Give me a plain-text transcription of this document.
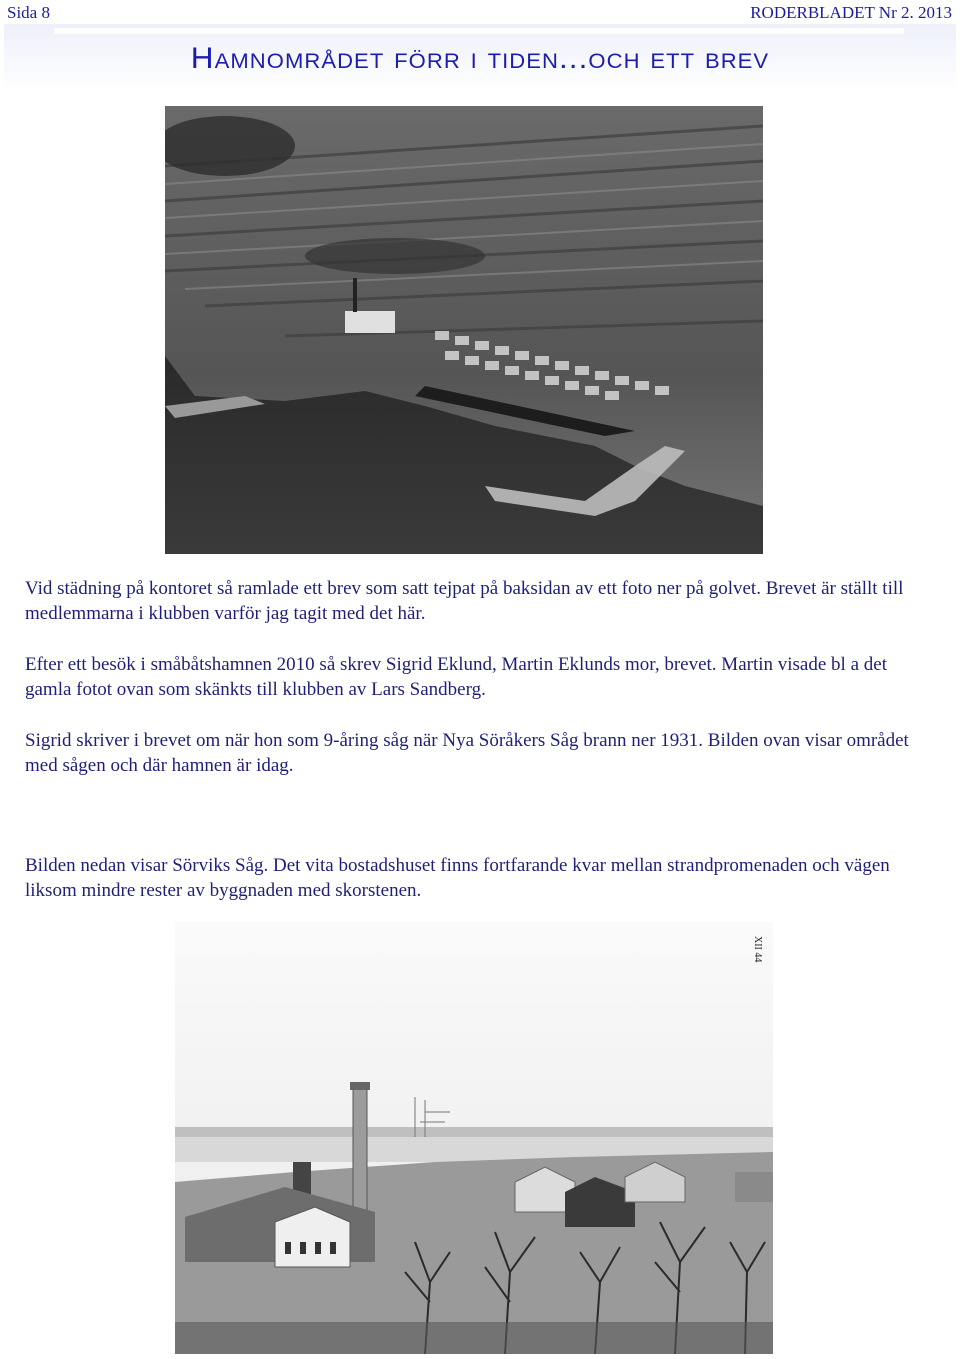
Sida 8	RODERBLADET Nr 2. 2013
Hamnområdet förr i tiden...och ett brev

Vid städning på kontoret så ramlade ett brev som satt tejpat på baksidan av ett foto ner på golvet. Brevet är ställt till medlemmarna i klubben varför jag tagit med det här.

Efter ett besök i småbåtshamnen 2010 så skrev Sigrid Eklund, Martin Eklunds mor, brevet. Martin visade bl a det gamla fotot ovan som skänkts till klubben av Lars Sandberg.

Sigrid skriver i brevet om när hon som 9-åring såg när Nya Söråkers Såg brann ner 1931. Bilden ovan visar området med sågen och där hamnen är idag.

Bilden nedan visar Sörviks Såg. Det vita bostadshuset finns fortfarande kvar mellan strandpromenaden och vägen liksom mindre rester av byggnaden med skorstenen.

XII 44
